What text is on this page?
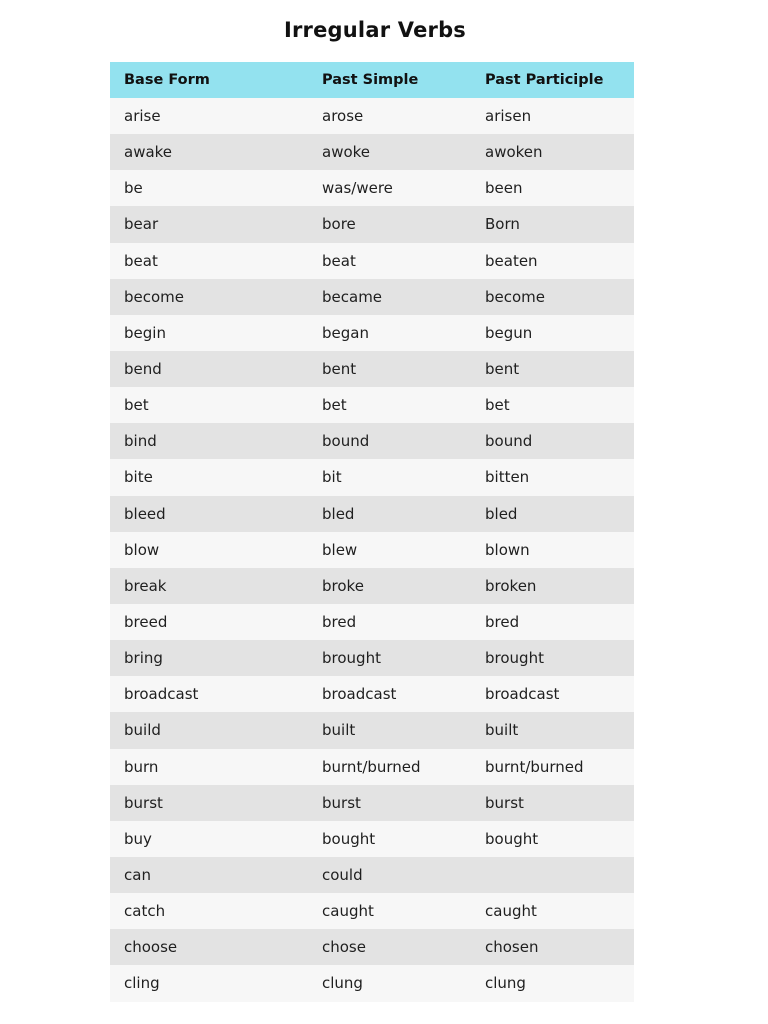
Irregular Verbs
Base Form	Past Simple	Past Participle
arise	arose	arisen
awake	awoke	awoken
be	was/were	been
bear	bore	Born
beat	beat	beaten
become	became	become
begin	began	begun
bend	bent	bent
bet	bet	bet
bind	bound	bound
bite	bit	bitten
bleed	bled	bled
blow	blew	blown
break	broke	broken
breed	bred	bred
bring	brought	brought
broadcast	broadcast	broadcast
build	built	built
burn	burnt/burned	burnt/burned
burst	burst	burst
buy	bought	bought
can	could	
catch	caught	caught
choose	chose	chosen
cling	clung	clung
